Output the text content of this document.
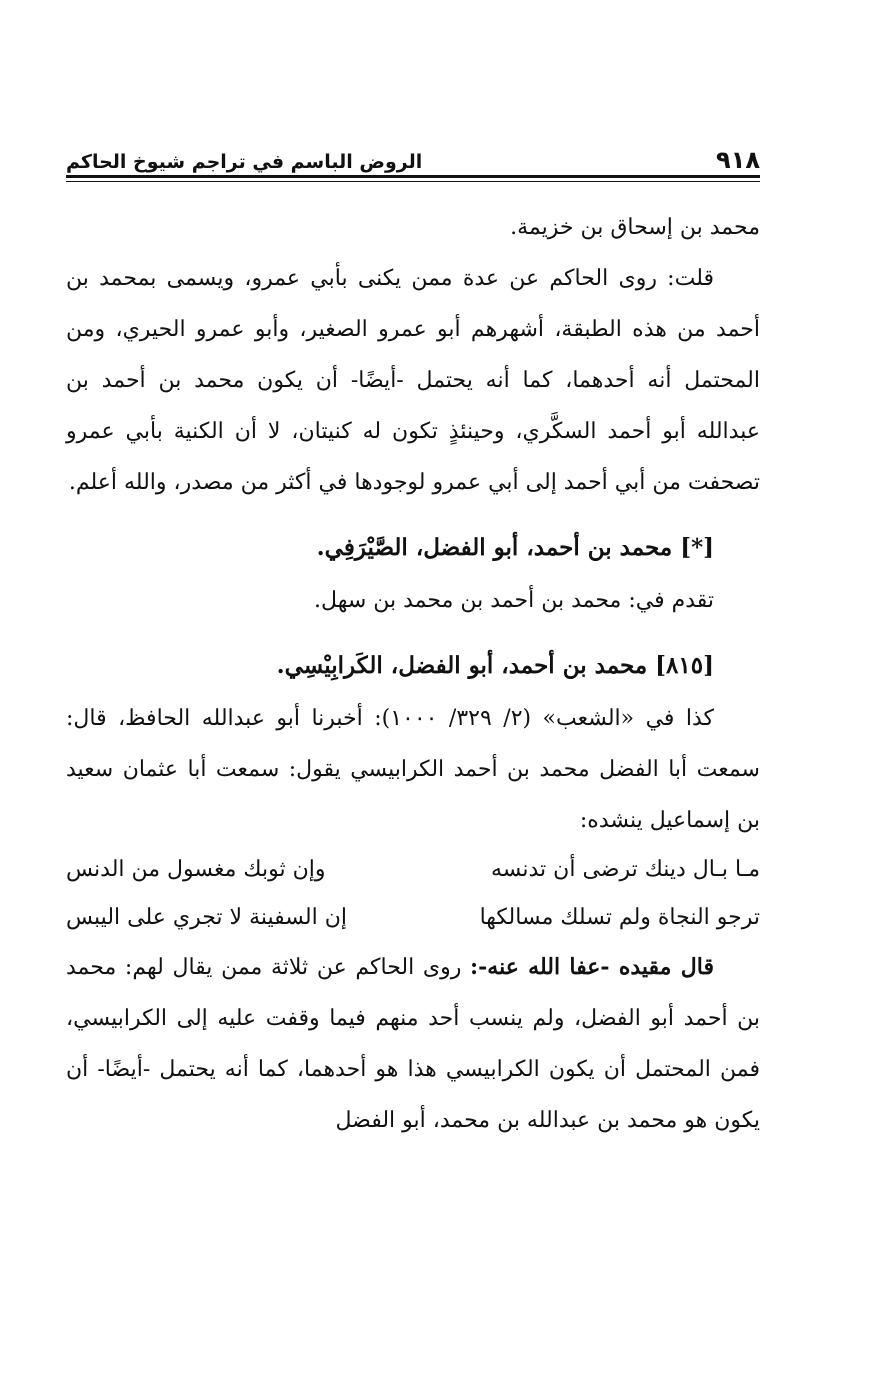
٩١٨
الروض الباسم في تراجم شيوخ الحاكم

محمد بن إسحاق بن خزيمة.

قلت: روى الحاكم عن عدة ممن يكنى بأبي عمرو، ويسمى بمحمد بن أحمد من هذه الطبقة، أشهرهم أبو عمرو الصغير، وأبو عمرو الحيري، ومن المحتمل أنه أحدهما، كما أنه يحتمل -أيضًا- أن يكون محمد بن أحمد بن عبدالله أبو أحمد السكَّري، وحينئذٍ تكون له كنيتان، لا أن الكنية بأبي عمرو تصحفت من أبي أحمد إلى أبي عمرو لوجودها في أكثر من مصدر، والله أعلم.

[*] محمد بن أحمد، أبو الفضل، الصَّيْرَفِي.

تقدم في: محمد بن أحمد بن محمد بن سهل.

[٨١٥] محمد بن أحمد، أبو الفضل، الكَرابِيْسِي.

كذا في «الشعب» (٢/ ٣٢٩/ ١٠٠٠): أخبرنا أبو عبدالله الحافظ، قال: سمعت أبا الفضل محمد بن أحمد الكرابيسي يقول: سمعت أبا عثمان سعيد بن إسماعيل ينشده:

مـا بـال دينك ترضى أن تدنسه
وإن ثوبك مغسول من الدنس
ترجو النجاة ولم تسلك مسالكها
إن السفينة لا تجري على اليبس

قال مقيده -عفا الله عنه-: روى الحاكم عن ثلاثة ممن يقال لهم: محمد بن أحمد أبو الفضل، ولم ينسب أحد منهم فيما وقفت عليه إلى الكرابيسي، فمن المحتمل أن يكون الكرابيسي هذا هو أحدهما، كما أنه يحتمل -أيضًا- أن يكون هو محمد بن عبدالله بن محمد، أبو الفضل
